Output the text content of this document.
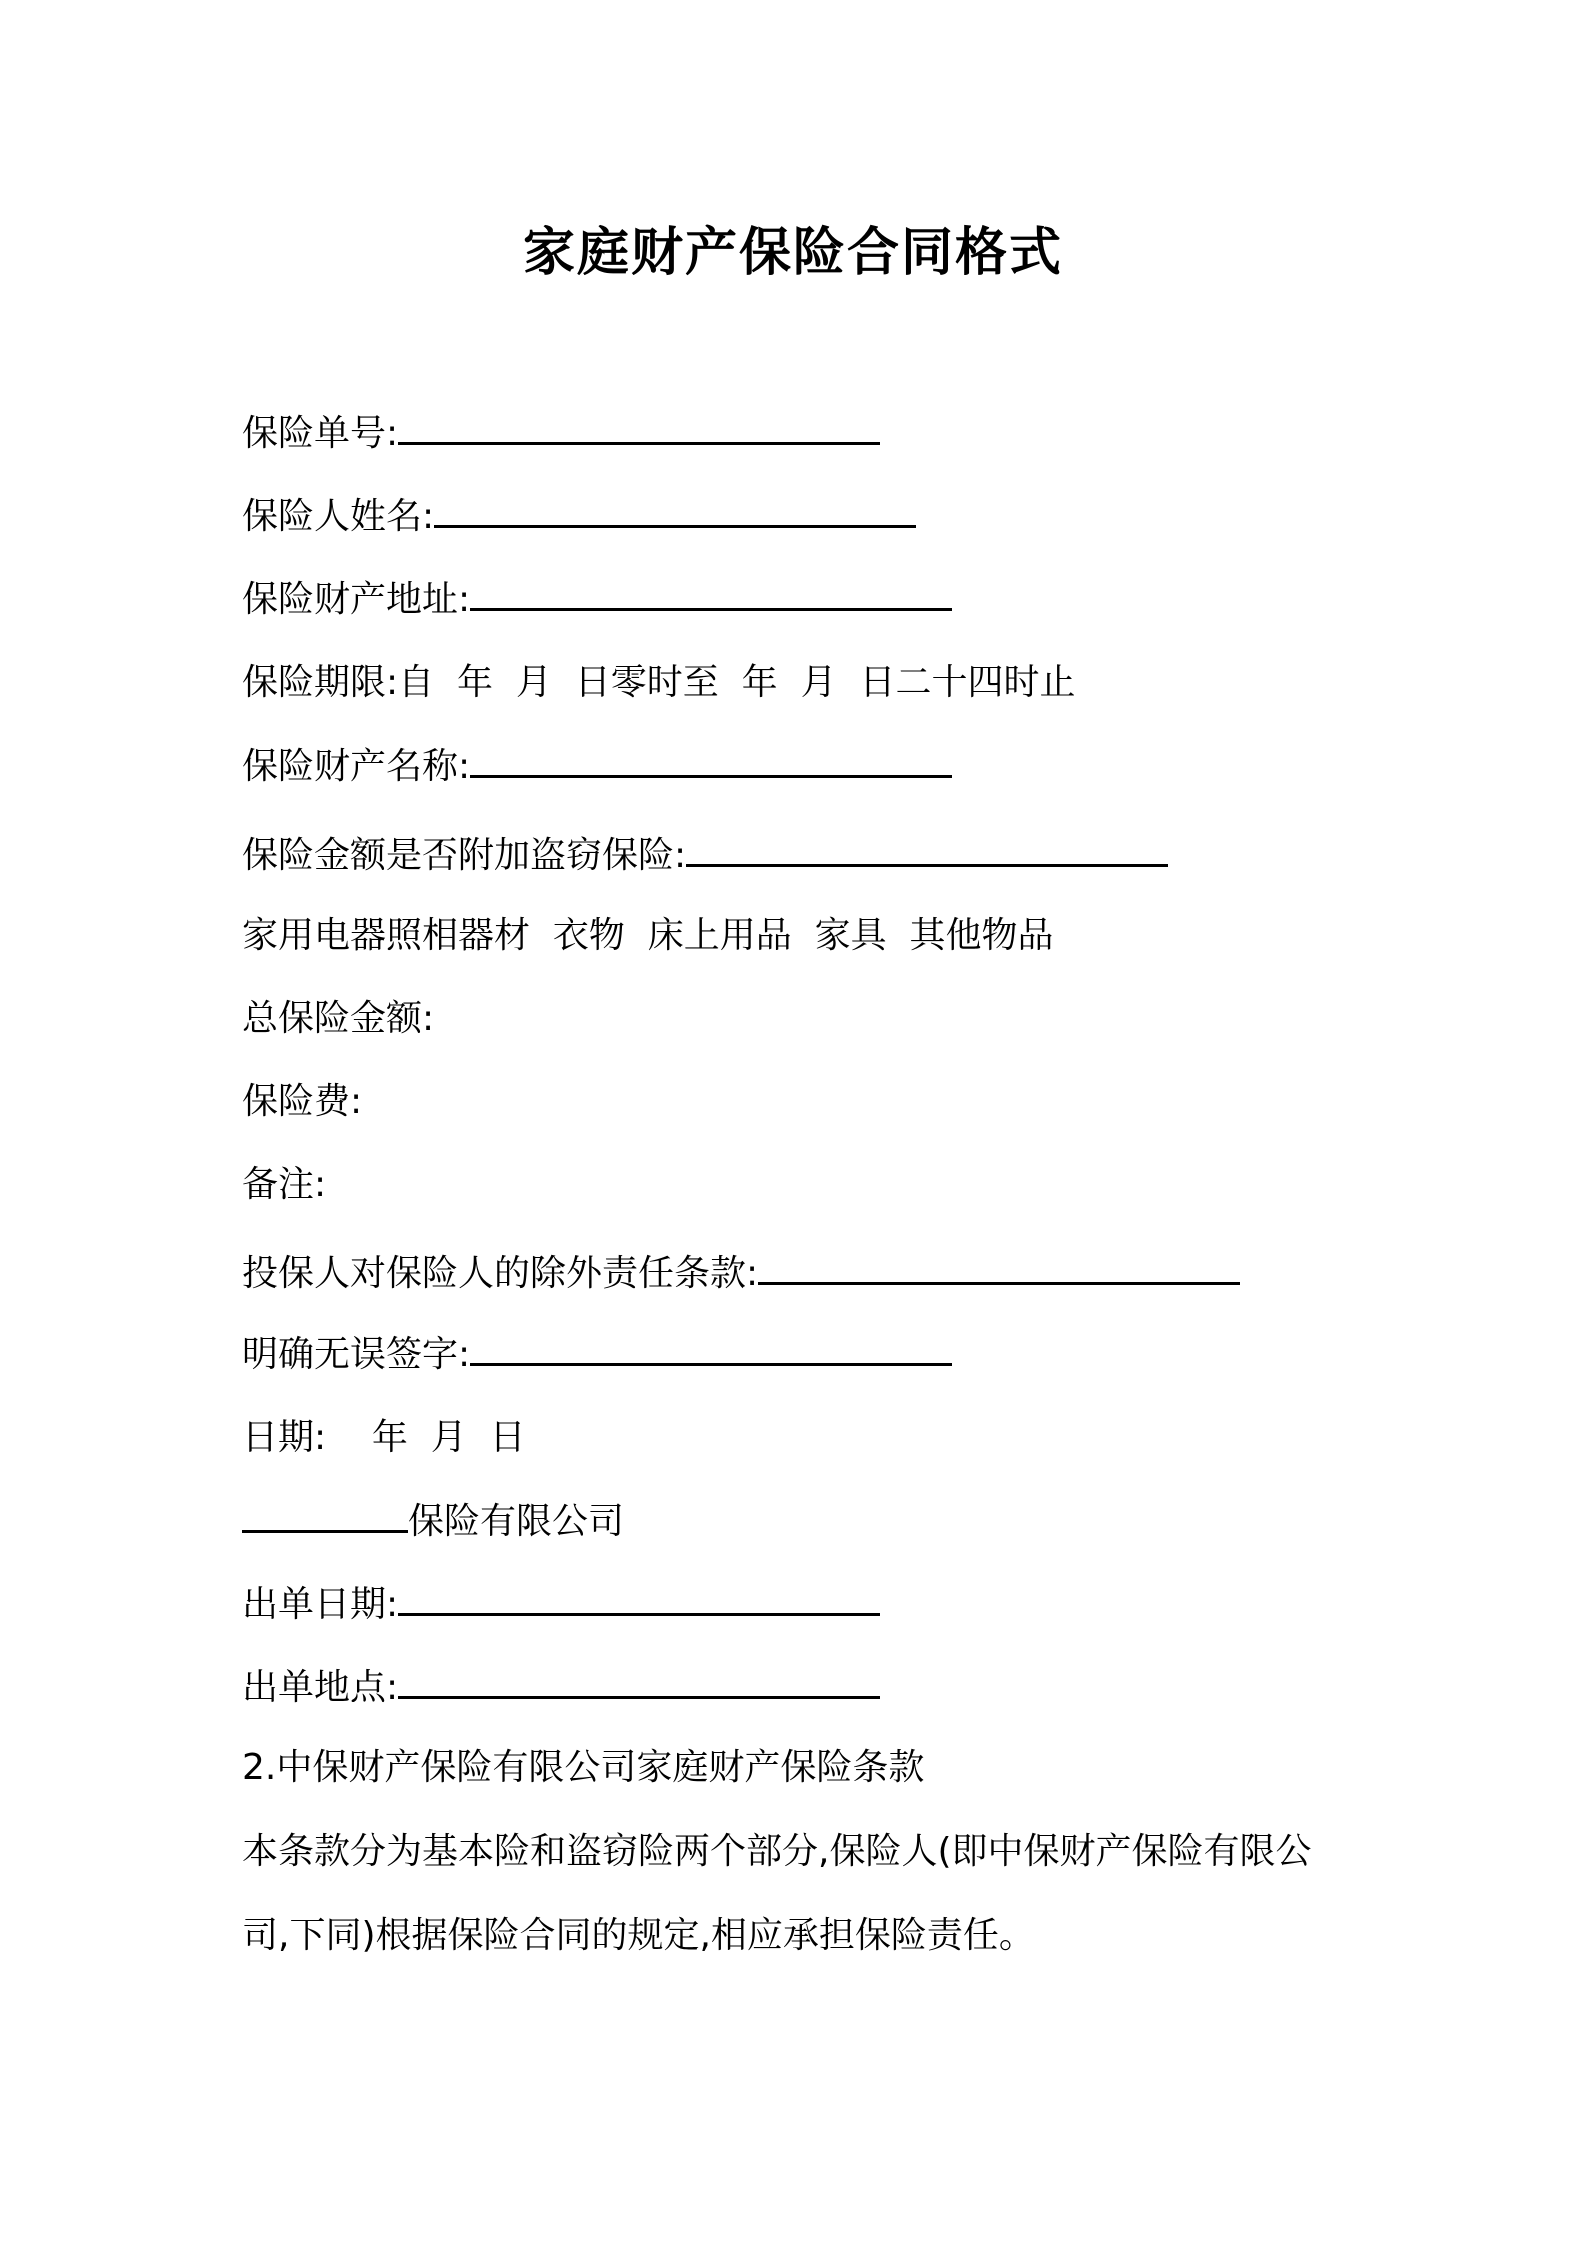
家庭财产保险合同格式
保险单号:
保险人姓名:
保险财产地址:
保险期限:自  年  月  日零时至  年  月  日二十四时止
保险财产名称:
保险金额是否附加盗窃保险:
家用电器照相器材  衣物  床上用品  家具  其他物品
总保险金额:
保险费:
备注:
投保人对保险人的除外责任条款:
明确无误签字:
日期:    年  月  日
保险有限公司
出单日期:
出单地点:
2.中保财产保险有限公司家庭财产保险条款
本条款分为基本险和盗窃险两个部分,保险人(即中保财产保险有限公
司,下同)根据保险合同的规定,相应承担保险责任。
